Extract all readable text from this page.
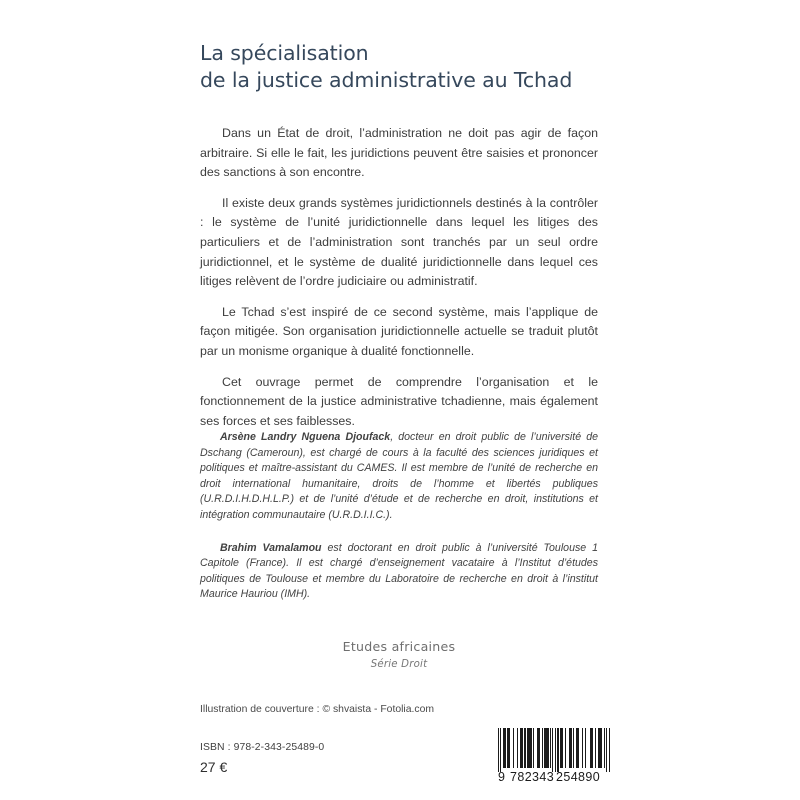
La spécialisation
de la justice administrative au Tchad

Dans un État de droit, l’administration ne doit pas agir de façon arbitraire. Si elle le fait, les juridictions peuvent être saisies et prononcer des sanctions à son encontre.

Il existe deux grands systèmes juridictionnels destinés à la contrôler : le système de l’unité juridictionnelle dans lequel les litiges des particuliers et de l’administration sont tranchés par un seul ordre juridictionnel, et le système de dualité juridictionnelle dans lequel ces litiges relèvent de l’ordre judiciaire ou administratif.

Le Tchad s’est inspiré de ce second système, mais l’applique de façon mitigée. Son organisation juridictionnelle actuelle se traduit plutôt par un monisme organique à dualité fonctionnelle.

Cet ouvrage permet de comprendre l’organisation et le fonctionnement de la justice administrative tchadienne, mais également ses forces et ses faiblesses.

Arsène Landry Nguena Djoufack, docteur en droit public de l’université de Dschang (Cameroun), est chargé de cours à la faculté des sciences juridiques et politiques et maître-assistant du CAMES. Il est membre de l’unité de recherche en droit international humanitaire, droits de l’homme et libertés publiques (U.R.D.I.H.D.H.L.P.) et de l’unité d’étude et de recherche en droit, institutions et intégration communautaire (U.R.D.I.I.C.).

Brahim Vamalamou est doctorant en droit public à l’université Toulouse 1 Capitole (France). Il est chargé d’enseignement vacataire à l’Institut d’études politiques de Toulouse et membre du Laboratoire de recherche en droit à l’institut Maurice Hauriou (IMH).

Etudes africaines
Série Droit
Illustration de couverture : © shvaista - Fotolia.com
ISBN : 978-2-343-25489-0
27 €
9 782343 254890
